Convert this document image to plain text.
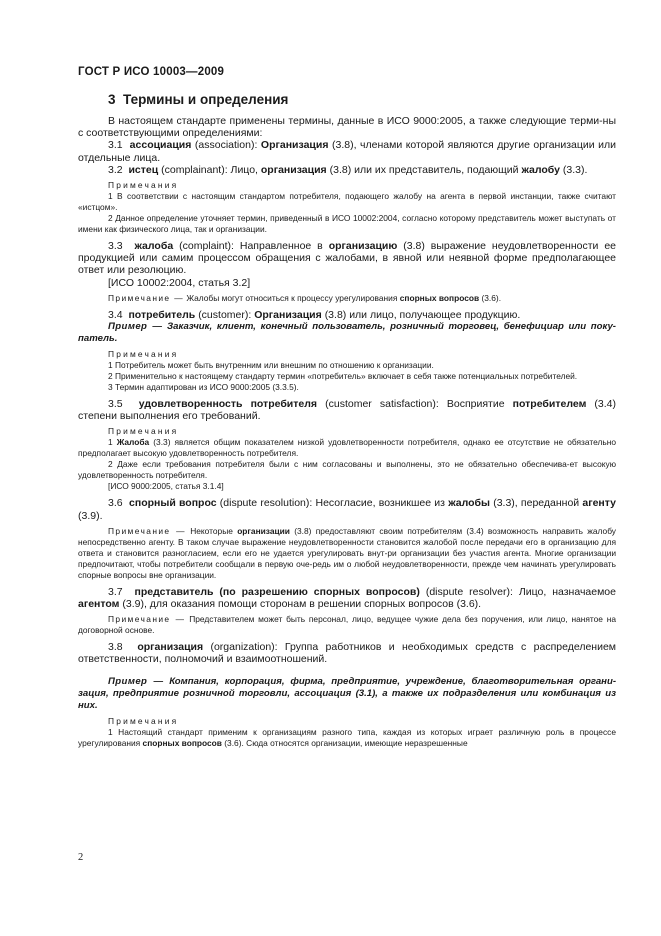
ГОСТ Р ИСО 10003—2009
3 Термины и определения

В настоящем стандарте применены термины, данные в ИСО 9000:2005, а также следующие терми-ны с соответствующими определениями:

3.1 ассоциация (association): Организация (3.8), членами которой являются другие организации или отдельные лица.

3.2 истец (complainant): Лицо, организация (3.8) или их представитель, подающий жалобу (3.3).

Примечания

1 В соответствии с настоящим стандартом потребителя, подающего жалобу на агента в первой инстанции, также считают «истцом».

2 Данное определение уточняет термин, приведенный в ИСО 10002:2004, согласно которому представитель может выступать от имени как физического лица, так и организации.

3.3 жалоба (complaint): Направленное в организацию (3.8) выражение неудовлетворенности ее продукцией или самим процессом обращения с жалобами, в явной или неявной форме предполагающее ответ или резолюцию.

[ИСО 10002:2004, статья 3.2]

Примечание — Жалобы могут относиться к процессу урегулирования спорных вопросов (3.6).

3.4 потребитель (customer): Организация (3.8) или лицо, получающее продукцию.

Пример — Заказчик, клиент, конечный пользователь, розничный торговец, бенефициар или поку-патель.

Примечания

1 Потребитель может быть внутренним или внешним по отношению к организации.

2 Применительно к настоящему стандарту термин «потребитель» включает в себя также потенциальных потребителей.

3 Термин адаптирован из ИСО 9000:2005 (3.3.5).

3.5 удовлетворенность потребителя (customer satisfaction): Восприятие потребителем (3.4) степени выполнения его требований.

Примечания

1 Жалоба (3.3) является общим показателем низкой удовлетворенности потребителя, однако ее отсутствие не обязательно предполагает высокую удовлетворенность потребителя.

2 Даже если требования потребителя были с ним согласованы и выполнены, это не обязательно обеспечива-ет высокую удовлетворенность потребителя.

[ИСО 9000:2005, статья 3.1.4]

3.6 спорный вопрос (dispute resolution): Несогласие, возникшее из жалобы (3.3), переданной агенту (3.9).

Примечание — Некоторые организации (3.8) предоставляют своим потребителям (3.4) возможность направить жалобу непосредственно агенту. В таком случае выражение неудовлетворенности становится жалобой после передачи его в организацию для ответа и становится разногласием, если его не удается урегулировать внут-ри организации без участия агента. Многие организации предпочитают, чтобы потребители сообщали в первую оче-редь им о любой неудовлетворенности, прежде чем начинать урегулировать спорные вопросы вне организации.

3.7 представитель (по разрешению спорных вопросов) (dispute resolver): Лицо, назначаемое агентом (3.9), для оказания помощи сторонам в решении спорных вопросов (3.6).

Примечание — Представителем может быть персонал, лицо, ведущее чужие дела без поручения, или лицо, нанятое на договорной основе.

3.8 организация (organization): Группа работников и необходимых средств с распределением ответственности, полномочий и взаимоотношений.

Пример — Компания, корпорация, фирма, предприятие, учреждение, благотворительная органи-зация, предприятие розничной торговли, ассоциация (3.1), а также их подразделения или комбинация из них.

Примечания

1 Настоящий стандарт применим к организациям разного типа, каждая из которых играет различную роль в процессе урегулирования спорных вопросов (3.6). Сюда относятся организации, имеющие неразрешенные

2
